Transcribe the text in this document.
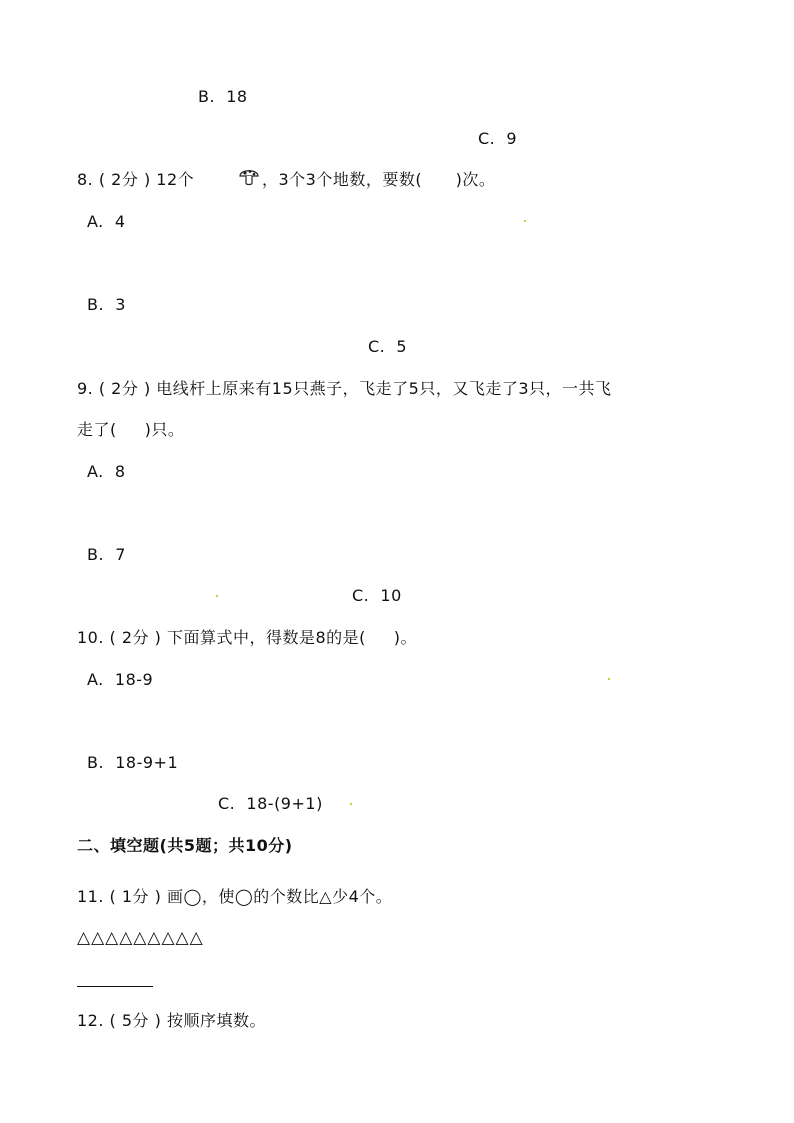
B.  18
C.  9
8. ( 2分 ) 12个	，3个3个地数，要数(      )次。
A.  4
B.  3
C.  5
9. ( 2分 ) 电线杆上原来有15只燕子，飞走了5只，又飞走了3只，一共飞
走了(     )只。
A.  8
B.  7
C.  10
10. ( 2分 ) 下面算式中，得数是8的是(     )。
A.  18-9
B.  18-9+1
C.  18-(9+1)
二、填空题(共5题；共10分)
11. ( 1分 ) 画◯，使◯的个数比△少4个。
△△△△△△△△△
12. ( 5分 ) 按顺序填数。
